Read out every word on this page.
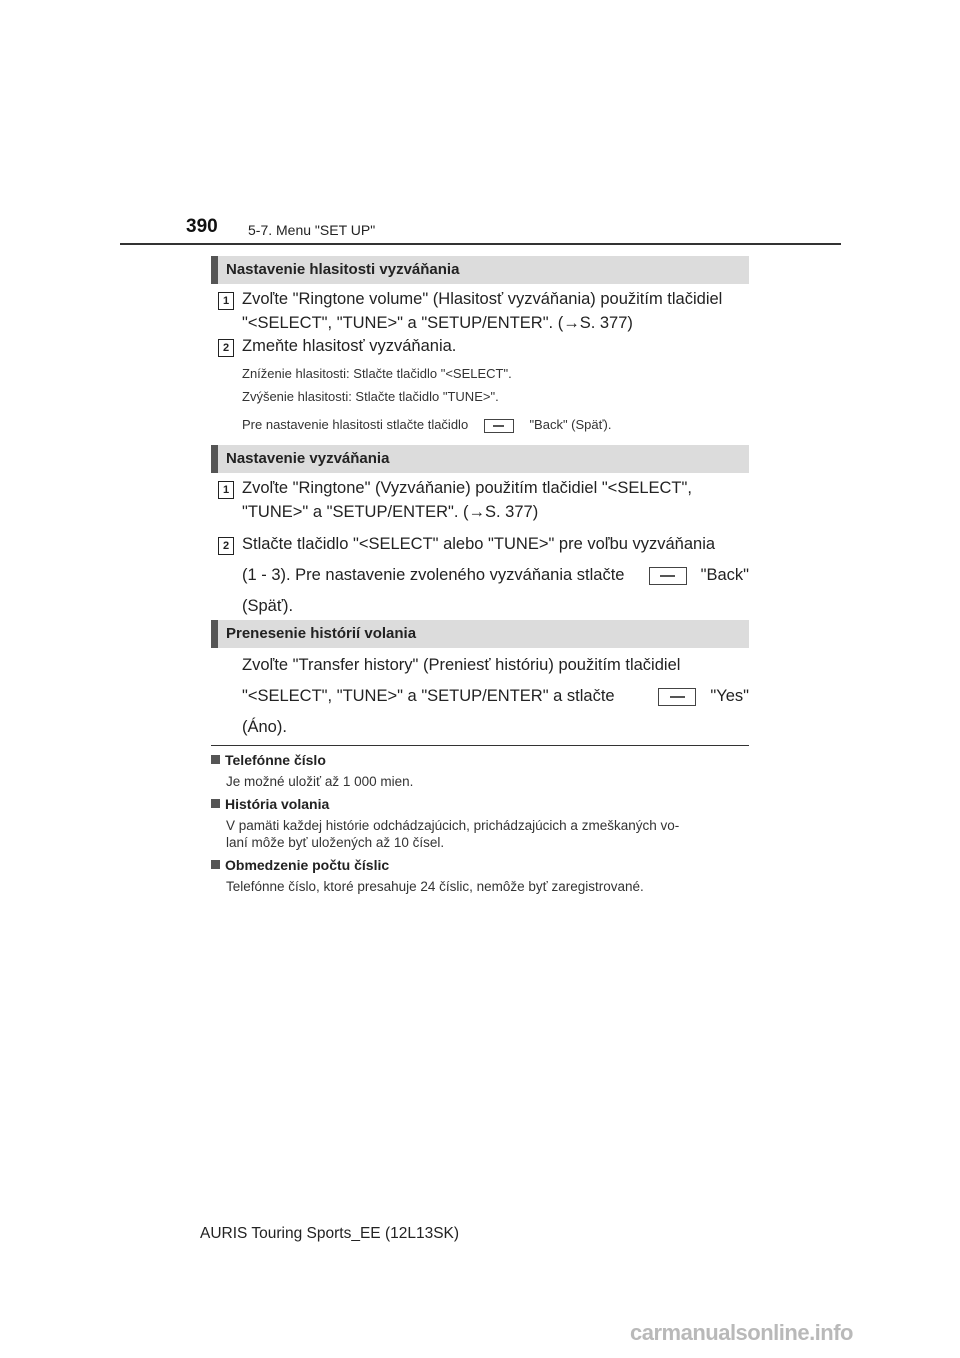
390 5-7. Menu "SET UP"
Nastavenie hlasitosti vyzváňania
1 Zvoľte "Ringtone volume" (Hlasitosť vyzváňania) použitím tlačidiel
"<SELECT", "TUNE>" a "SETUP/ENTER". (→S. 377)
2 Zmeňte hlasitosť vyzváňania.
Zníženie hlasitosti: Stlačte tlačidlo "<SELECT".
Zvýšenie hlasitosti: Stlačte tlačidlo "TUNE>".
Pre nastavenie hlasitosti stlačte tlačidlo	"Back" (Späť).
Nastavenie vyzváňania
1 Zvoľte "Ringtone" (Vyzváňanie) použitím tlačidiel "<SELECT",
"TUNE>" a "SETUP/ENTER". (→S. 377)
2 Stlačte tlačidlo "<SELECT" alebo "TUNE>" pre voľbu vyzváňania
(1 - 3). Pre nastavenie zvoleného vyzváňania stlačte	"Back"
(Späť).
Prenesenie histórií volania
Zvoľte "Transfer history" (Preniesť históriu) použitím tlačidiel
"<SELECT", "TUNE>" a "SETUP/ENTER" a stlačte	"Yes"
(Áno).
Telefónne číslo
Je možné uložiť až 1 000 mien.
História volania
V pamäti každej histórie odchádzajúcich, prichádzajúcich a zmeškaných vo-
laní môže byť uložených až 10 čísel.
Obmedzenie počtu číslic
Telefónne číslo, ktoré presahuje 24 číslic, nemôže byť zaregistrované.
AURIS Touring Sports_EE (12L13SK)
carmanualsonline.info
